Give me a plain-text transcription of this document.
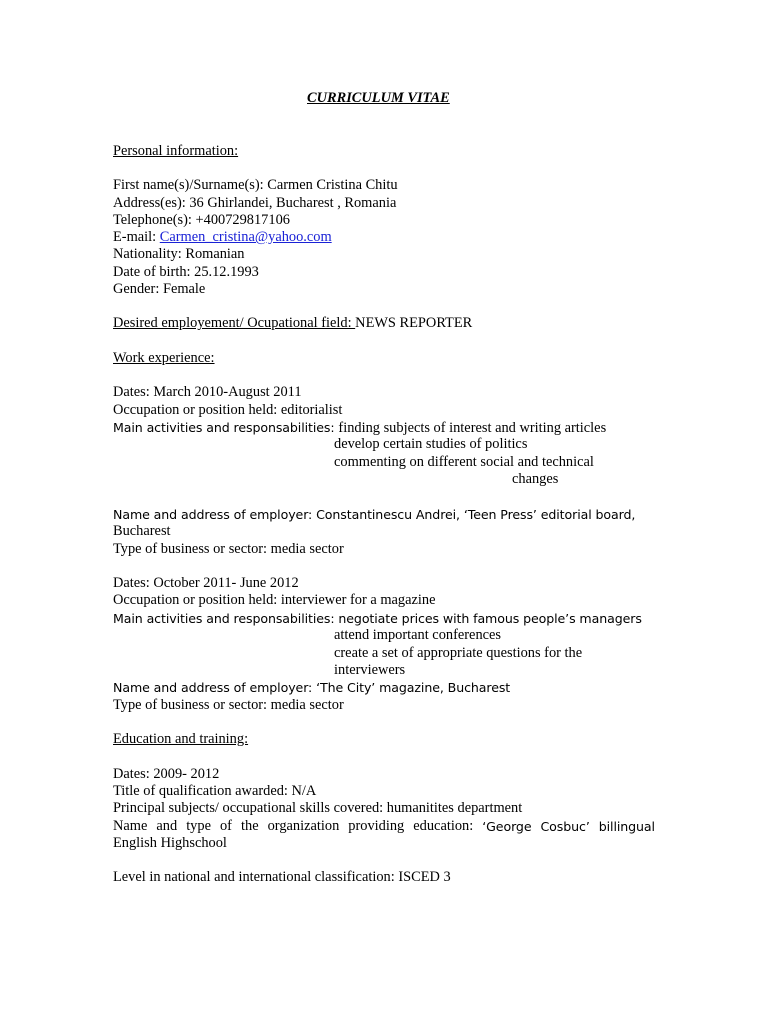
CURRICULUM VITAE
Personal information:
First name(s)/Surname(s): Carmen Cristina Chitu
Address(es): 36 Ghirlandei, Bucharest , Romania
Telephone(s): +400729817106
E-mail: Carmen_cristina@yahoo.com
Nationality: Romanian
Date of birth: 25.12.1993
Gender: Female
Desired employement/ Ocupational field: NEWS REPORTER
Work experience:
Dates: March 2010-August 2011
Occupation or position held: editorialist
Main activities and responsabilities: finding subjects of interest and writing articles
develop certain studies of politics
commenting on different social and technical
changes
Name and address of employer: Constantinescu Andrei, ‘Teen Press’ editorial board,
Bucharest
Type of business or sector: media sector
Dates: October 2011- June 2012
Occupation or position held: interviewer for a magazine
Main activities and responsabilities: negotiate prices with famous people’s managers
attend important conferences
create a set of appropriate questions for the
interviewers
Name and address of employer: ‘The City’ magazine, Bucharest
Type of business or sector: media sector
Education and training:
Dates: 2009- 2012
Title of qualification awarded: N/A
Principal subjects/ occupational skills covered: humanitites department
Name and type of the organization providing education: ‘George Cosbuc’ billingual
English Highschool
Level in national and international classification: ISCED 3
